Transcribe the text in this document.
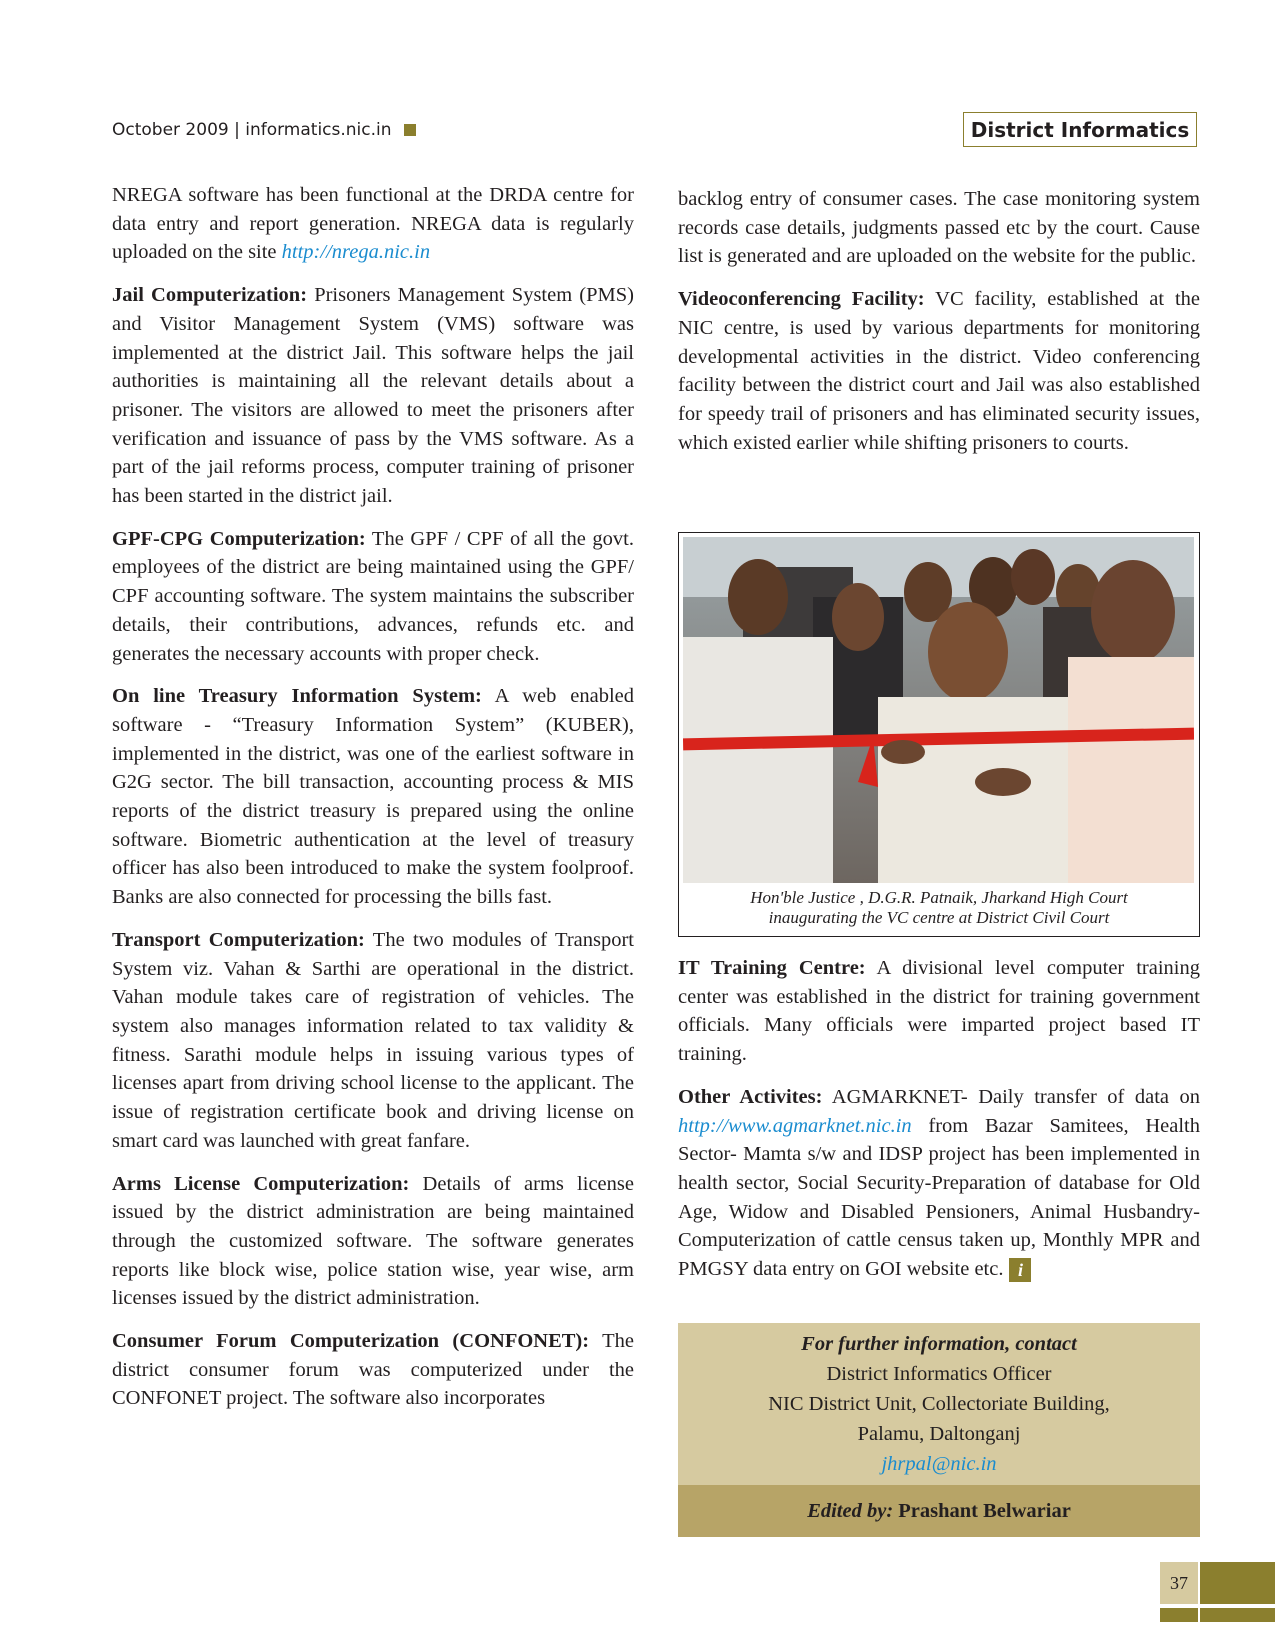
October 2009 | informatics.nic.in	District Informatics

NREGA software has been functional at the DRDA centre for data entry and report generation. NREGA data is regularly uploaded on the site http://nrega.nic.in

Jail Computerization: Prisoners Management System (PMS) and Visitor Management System (VMS) software was implemented at the district Jail. This software helps the jail authorities is maintaining all the relevant details about a prisoner. The visitors are allowed to meet the prisoners after verification and issuance of pass by the VMS software. As a part of the jail reforms process, computer training of prisoner has been started in the district jail.

GPF-CPG Computerization: The GPF / CPF of all the govt. employees of the district are being maintained using the GPF/ CPF accounting software. The system maintains the subscriber details, their contributions, advances, refunds etc. and generates the necessary accounts with proper check.

On line Treasury Information System: A web enabled software - “Treasury Information System” (KUBER), implemented in the district, was one of the earliest software in G2G sector. The bill transaction, accounting process & MIS reports of the district treasury is prepared using the online software. Biometric authentication at the level of treasury officer has also been introduced to make the system foolproof. Banks are also connected for processing the bills fast.

Transport Computerization: The two modules of Transport System viz. Vahan & Sarthi are operational in the district. Vahan module takes care of registration of vehicles. The system also manages information related to tax validity & fitness. Sarathi module helps in issuing various types of licenses apart from driving school license to the applicant. The issue of registration certificate book and driving license on smart card was launched with great fanfare.

Arms License Computerization: Details of arms license issued by the district administration are being maintained through the customized software. The software generates reports like block wise, police station wise, year wise, arm licenses issued by the district administration.

Consumer Forum Computerization (CONFONET): The district consumer forum was computerized under the CONFONET project. The software also incorporates

backlog entry of consumer cases. The case monitoring system records case details, judgments passed etc by the court. Cause list is generated and are uploaded on the website for the public.

Videoconferencing Facility: VC facility, established at the NIC centre, is used by various departments for monitoring developmental activities in the district. Video conferencing facility between the district court and Jail was also established for speedy trail of prisoners and has eliminated security issues, which existed earlier while shifting prisoners to courts.

Hon'ble Justice , D.G.R. Patnaik, Jharkand High Court
inaugurating the VC centre at District Civil Court

IT Training Centre: A divisional level computer training center was established in the district for training government officials. Many officials were imparted project based IT training.

Other Activites: AGMARKNET- Daily transfer of data on http://www.agmarknet.nic.in from Bazar Samitees, Health Sector- Mamta s/w and IDSP project has been implemented in health sector, Social Security-Preparation of database for Old Age, Widow and Disabled Pensioners, Animal Husbandry- Computerization of cattle census taken up, Monthly MPR and PMGSY data entry on GOI website etc. i

For further information, contact
District Informatics Officer
NIC District Unit, Collectoriate Building,
Palamu, Daltonganj
jhrpal@nic.in
Edited by: Prashant Belwariar
37
